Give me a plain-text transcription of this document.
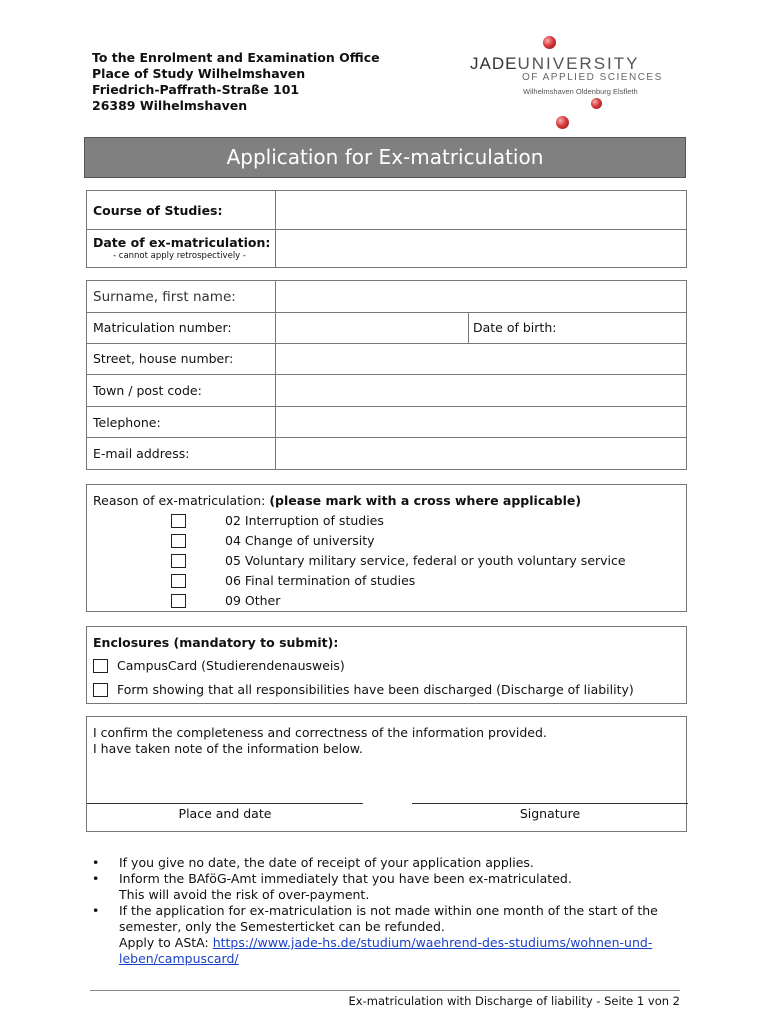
To the Enrolment and Examination Office
Place of Study Wilhelmshaven
Friedrich-Paffrath-Straße 101
26389 Wilhelmshaven
JADEUNIVERSITY
OF APPLIED SCIENCES
Wilhelmshaven Oldenburg Elsfleth
Application for Ex-matriculation
Course of Studies:
Date of ex-matriculation:
- cannot apply retrospectively -
Surname, first name:
Matriculation number:	Date of birth:
Street, house number:
Town / post code:
Telephone:
E-mail address:
Reason of ex-matriculation: (please mark with a cross where applicable)
02 Interruption of studies
04 Change of university
05 Voluntary military service, federal or youth voluntary service
06 Final termination of studies
09 Other
Enclosures (mandatory to submit):
CampusCard (Studierendenausweis)
Form showing that all responsibilities have been discharged (Discharge of liability)
I confirm the completeness and correctness of the information provided.
I have taken note of the information below.
Place and date	Signature
• If you give no date, the date of receipt of your application applies.
• Inform the BAföG-Amt immediately that you have been ex-matriculated.
This will avoid the risk of over-payment.
• If the application for ex-matriculation is not made within one month of the start of the semester, only the Semesterticket can be refunded.
Apply to AStA: https://www.jade-hs.de/studium/waehrend-des-studiums/wohnen-und-leben/campuscard/
Ex-matriculation with Discharge of liability - Seite 1 von 2
